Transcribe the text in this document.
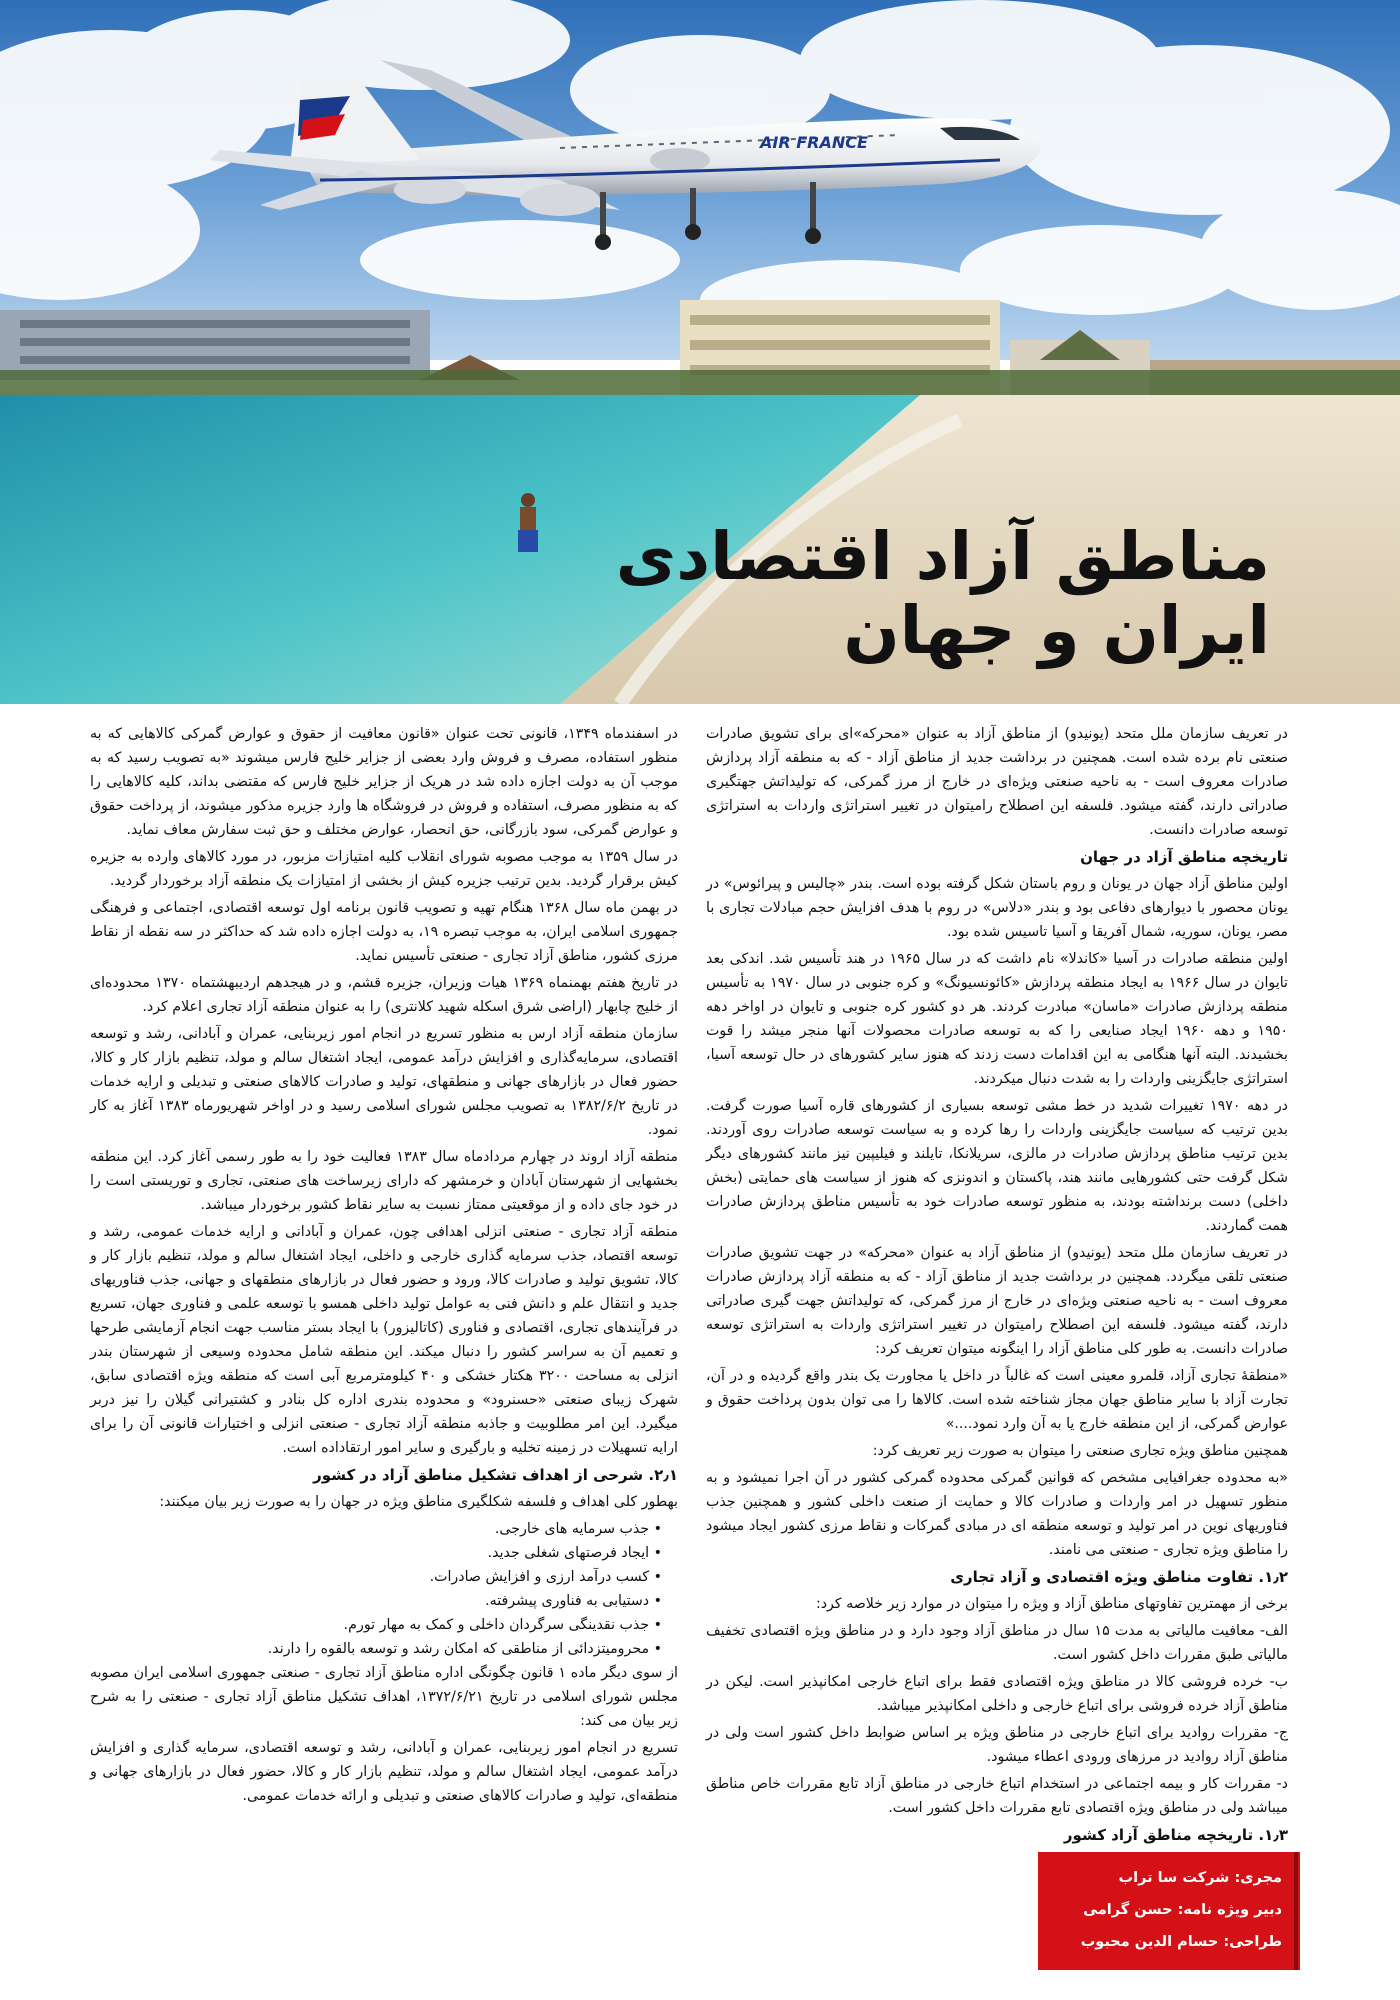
AIR FRANCE
مناطق آزاد اقتصادی
ایران و جهان

در تعریف سازمان ملل متحد (یونیدو) از مناطق آزاد به عنوان «محرکه»‌ای برای تشویق صادرات صنعتی نام برده شده است. همچنین در برداشت جدید از مناطق آزاد - که به منطقه آزاد پردازش صادرات معروف است - به ناحیه صنعتی ویژه‌ای در خارج از مرز گمرکی، که تولیداتش جهتگیری صادراتی دارند، گفته میشود. فلسفه این اصطلاح رامیتوان در تغییر استراتژی واردات به استراتژی توسعه صادرات دانست.

تاریخچه مناطق آزاد در جهان

اولین مناطق آزاد جهان در یونان و روم باستان شکل گرفته بوده است. بندر «چالیس و پیرائوس» در یونان محصور با دیوارهای دفاعی بود و بندر «دلاس» در روم با هدف افزایش حجم مبادلات تجاری با مصر، یونان، سوریه، شمال آفریقا و آسیا تاسیس شده بود.

اولین منطقه صادرات در آسیا «کاندلا» نام داشت که در سال ۱۹۶۵ در هند تأسیس شد. اندکی بعد تایوان در سال ۱۹۶۶ به ایجاد منطقه پردازش «کائونسیونگ» و کره جنوبی در سال ۱۹۷۰ به تأسیس منطقه پردازش صادرات «ماسان» مبادرت کردند. هر دو کشور کره جنوبی و تایوان در اواخر دهه ۱۹۵۰ و دهه ۱۹۶۰ ایجاد صنایعی را که به توسعه صادرات محصولات آنها منجر میشد را قوت بخشیدند. البته آنها هنگامی به این اقدامات دست زدند که هنوز سایر کشورهای در حال توسعه آسیا، استراتژی جایگزینی واردات را به شدت دنبال میکردند.

در دهه ۱۹۷۰ تغییرات شدید در خط مشی توسعه بسیاری از کشورهای قاره آسیا صورت گرفت. بدین ترتیب که سیاست جایگزینی واردات را رها کرده و به سیاست توسعه صادرات روی آوردند. بدین ترتیب مناطق پردازش صادرات در مالزی، سریلانکا، تایلند و فیلیپین نیز مانند کشورهای دیگر شکل گرفت حتی کشورهایی مانند هند، پاکستان و اندونزی که هنوز از سیاست های حمایتی (بخش داخلی) دست برنداشته بودند، به منظور توسعه صادرات خود به تأسیس مناطق پردازش صادرات همت گماردند.

در تعریف سازمان ملل متحد (یونیدو) از مناطق آزاد به عنوان «محرکه» در جهت تشویق صادرات صنعتی تلقی میگردد. همچنین در برداشت جدید از مناطق آزاد - که به منطقه آزاد پردازش صادرات معروف است - به ناحیه صنعتی ویژه‌ای در خارج از مرز گمرکی، که تولیداتش جهت گیری صادراتی دارند، گفته میشود. فلسفه این اصطلاح رامیتوان در تغییر استراتژی واردات به استراتژی توسعه صادرات دانست. به طور کلی مناطق آزاد را اینگونه میتوان تعریف کرد:

«منطقهٔ تجاری آزاد، قلمرو معینی است که غالباً در داخل یا مجاورت یک بندر واقع گردیده و در آن، تجارت آزاد با سایر مناطق جهان مجاز شناخته شده است. کالاها را می توان بدون پرداخت حقوق و عوارض گمرکی، از این منطقه خارج یا به آن وارد نمود....»

همچنین مناطق ویژه تجاری صنعتی را میتوان به صورت زیر تعریف کرد:

«به محدوده جغرافیایی مشخص که قوانین گمرکی محدوده گمرکی کشور در آن اجرا نمیشود و به منظور تسهیل در امر واردات و صادرات کالا و حمایت از صنعت داخلی کشور و همچنین جذب فناوریهای نوین در امر تولید و توسعه منطقه ای در مبادی گمرکات و نقاط مرزی کشور ایجاد میشود را مناطق ویژه تجاری - صنعتی می نامند.

۱٫۲. تفاوت مناطق ویژه اقتصادی و آزاد تجاری

برخی از مهمترین تفاوتهای مناطق آزاد و ویژه را میتوان در موارد زیر خلاصه کرد:

الف- معافیت مالیاتی به مدت ۱۵ سال در مناطق آزاد وجود دارد و در مناطق ویژه اقتصادی تخفیف مالیاتی طبق مقررات داخل کشور است.

ب- خرده فروشی کالا در مناطق ویژه اقتصادی فقط برای اتباع خارجی امکانپذیر است. لیکن در مناطق آزاد خرده فروشی برای اتباع خارجی و داخلی امکانپذیر میباشد.

ج- مقررات روادید برای اتباع خارجی در مناطق ویژه بر اساس ضوابط داخل کشور است ولی در مناطق آزاد روادید در مرزهای ورودی اعطاء میشود.

د- مقررات کار و بیمه اجتماعی در استخدام اتباع خارجی در مناطق آزاد تابع مقررات خاص مناطق میباشد ولی در مناطق ویژه اقتصادی تابع مقررات داخل کشور است.

۱٫۳. تاریخچه مناطق آزاد کشور

در اسفندماه ۱۳۴۹، قانونی تحت عنوان «قانون معافیت از حقوق و عوارض گمرکی کالاهایی که به منظور استفاده، مصرف و فروش وارد بعضی از جزایر خلیج فارس میشوند «به تصویب رسید که به موجب آن به دولت اجازه داده شد در هریک از جزایر خلیج فارس که مقتضی بداند، کلیه کالاهایی را که به منظور مصرف، استفاده و فروش در فروشگاه ها وارد جزیره مذکور میشوند، از پرداخت حقوق و عوارض گمرکی، سود بازرگانی، حق انحصار، عوارض مختلف و حق ثبت سفارش معاف نماید.

در سال ۱۳۵۹ به موجب مصوبه شورای انقلاب کلیه امتیازات مزبور، در مورد کالاهای وارده به جزیره کیش برقرار گردید. بدین ترتیب جزیره کیش از بخشی از امتیازات یک منطقه آزاد برخوردار گردید.

در بهمن ماه سال ۱۳۶۸ هنگام تهیه و تصویب قانون برنامه اول توسعه اقتصادی، اجتماعی و فرهنگی جمهوری اسلامی ایران، به موجب تبصره ۱۹، به دولت اجازه داده شد که حداکثر در سه نقطه از نقاط مرزی کشور، مناطق آزاد تجاری - صنعتی تأسیس نماید.

در تاریخ هفتم بهمنماه ۱۳۶۹ هیات وزیران، جزیره قشم، و در هیجدهم اردیبهشتماه ۱۳۷۰ محدوده‌ای از خلیج چابهار (اراضی شرق اسکله شهید کلانتری) را به عنوان منطقه آزاد تجاری اعلام کرد.

سازمان منطقه آزاد ارس به منظور تسریع در انجام امور زیربنایی، عمران و آبادانی، رشد و توسعه اقتصادی، سرمایه‌گذاری و افزایش درآمد عمومی، ایجاد اشتغال سالم و مولد، تنظیم بازار کار و کالا، حضور فعال در بازارهای جهانی و منطقهای، تولید و صادرات کالاهای صنعتی و تبدیلی و ارایه خدمات در تاریخ ۱۳۸۲/۶/۲ به تصویب مجلس شورای اسلامی رسید و در اواخر شهریورماه ۱۳۸۳ آغاز به کار نمود.

منطقه آزاد اروند در چهارم مردادماه سال ۱۳۸۳ فعالیت خود را به طور رسمی آغاز کرد. این منطقه بخشهایی از شهرستان آبادان و خرمشهر که دارای زیرساخت های صنعتی، تجاری و توریستی است را در خود جای داده و از موقعیتی ممتاز نسبت به سایر نقاط کشور برخوردار میباشد.

منطقه آزاد تجاری - صنعتی انزلی اهدافی چون، عمران و آبادانی و ارایه خدمات عمومی، رشد و توسعه اقتصاد، جذب سرمایه گذاری خارجی و داخلی، ایجاد اشتغال سالم و مولد، تنظیم بازار کار و کالا، تشویق تولید و صادرات کالا، ورود و حضور فعال در بازارهای منطقهای و جهانی، جذب فناوریهای جدید و انتقال علم و دانش فنی به عوامل تولید داخلی همسو با توسعه علمی و فناوری جهان، تسریع در فرآیندهای تجاری، اقتصادی و فناوری (کاتالیزور) با ایجاد بستر مناسب جهت انجام آزمایشی طرحها و تعمیم آن به سراسر کشور را دنبال میکند. این منطقه شامل محدوده وسیعی از شهرستان بندر انزلی به مساحت ۳۲۰۰ هکتار خشکی و ۴۰ کیلومترمربع آبی است که منطقه ویژه اقتصادی سابق، شهرک زیبای صنعتی «حسنرود» و محدوده بندری اداره کل بنادر و کشتیرانی گیلان را نیز دربر میگیرد. این امر مطلوبیت و جاذبه منطقه آزاد تجاری - صنعتی انزلی و اختیارات قانونی آن را برای ارایه تسهیلات در زمینه تخلیه و بارگیری و سایر امور ارتقاداده است.

۲٫۱. شرحی از اهداف تشکیل مناطق آزاد در کشور

بهطور کلی اهداف و فلسفه شکلگیری مناطق ویژه در جهان را به صورت زیر بیان میکنند:

• جذب سرمایه های خارجی.

• ایجاد فرصتهای شغلی جدید.

• کسب درآمد ارزی و افزایش صادرات.

• دستیابی به فناوری پیشرفته.

• جذب نقدینگی سرگردان داخلی و کمک به مهار تورم.

• محرومیتزدائی از مناطقی که امکان رشد و توسعه بالقوه را دارند.

از سوی دیگر ماده ۱ قانون چگونگی اداره مناطق آزاد تجاری - صنعتی جمهوری اسلامی ایران مصوبه مجلس شورای اسلامی در تاریخ ۱۳۷۲/۶/۲۱، اهداف تشکیل مناطق آزاد تجاری - صنعتی را به شرح زیر بیان می کند:

تسریع در انجام امور زیربنایی، عمران و آبادانی، رشد و توسعه اقتصادی، سرمایه گذاری و افزایش درآمد عمومی، ایجاد اشتغال سالم و مولد، تنظیم بازار کار و کالا، حضور فعال در بازارهای جهانی و منطقه‌ای، تولید و صادرات کالاهای صنعتی و تبدیلی و ارائه خدمات عمومی.

مجری: شرکت سا تراب
دبیر ویژه نامه: حسن گرامی
طراحی: حسام الدین محبوب
